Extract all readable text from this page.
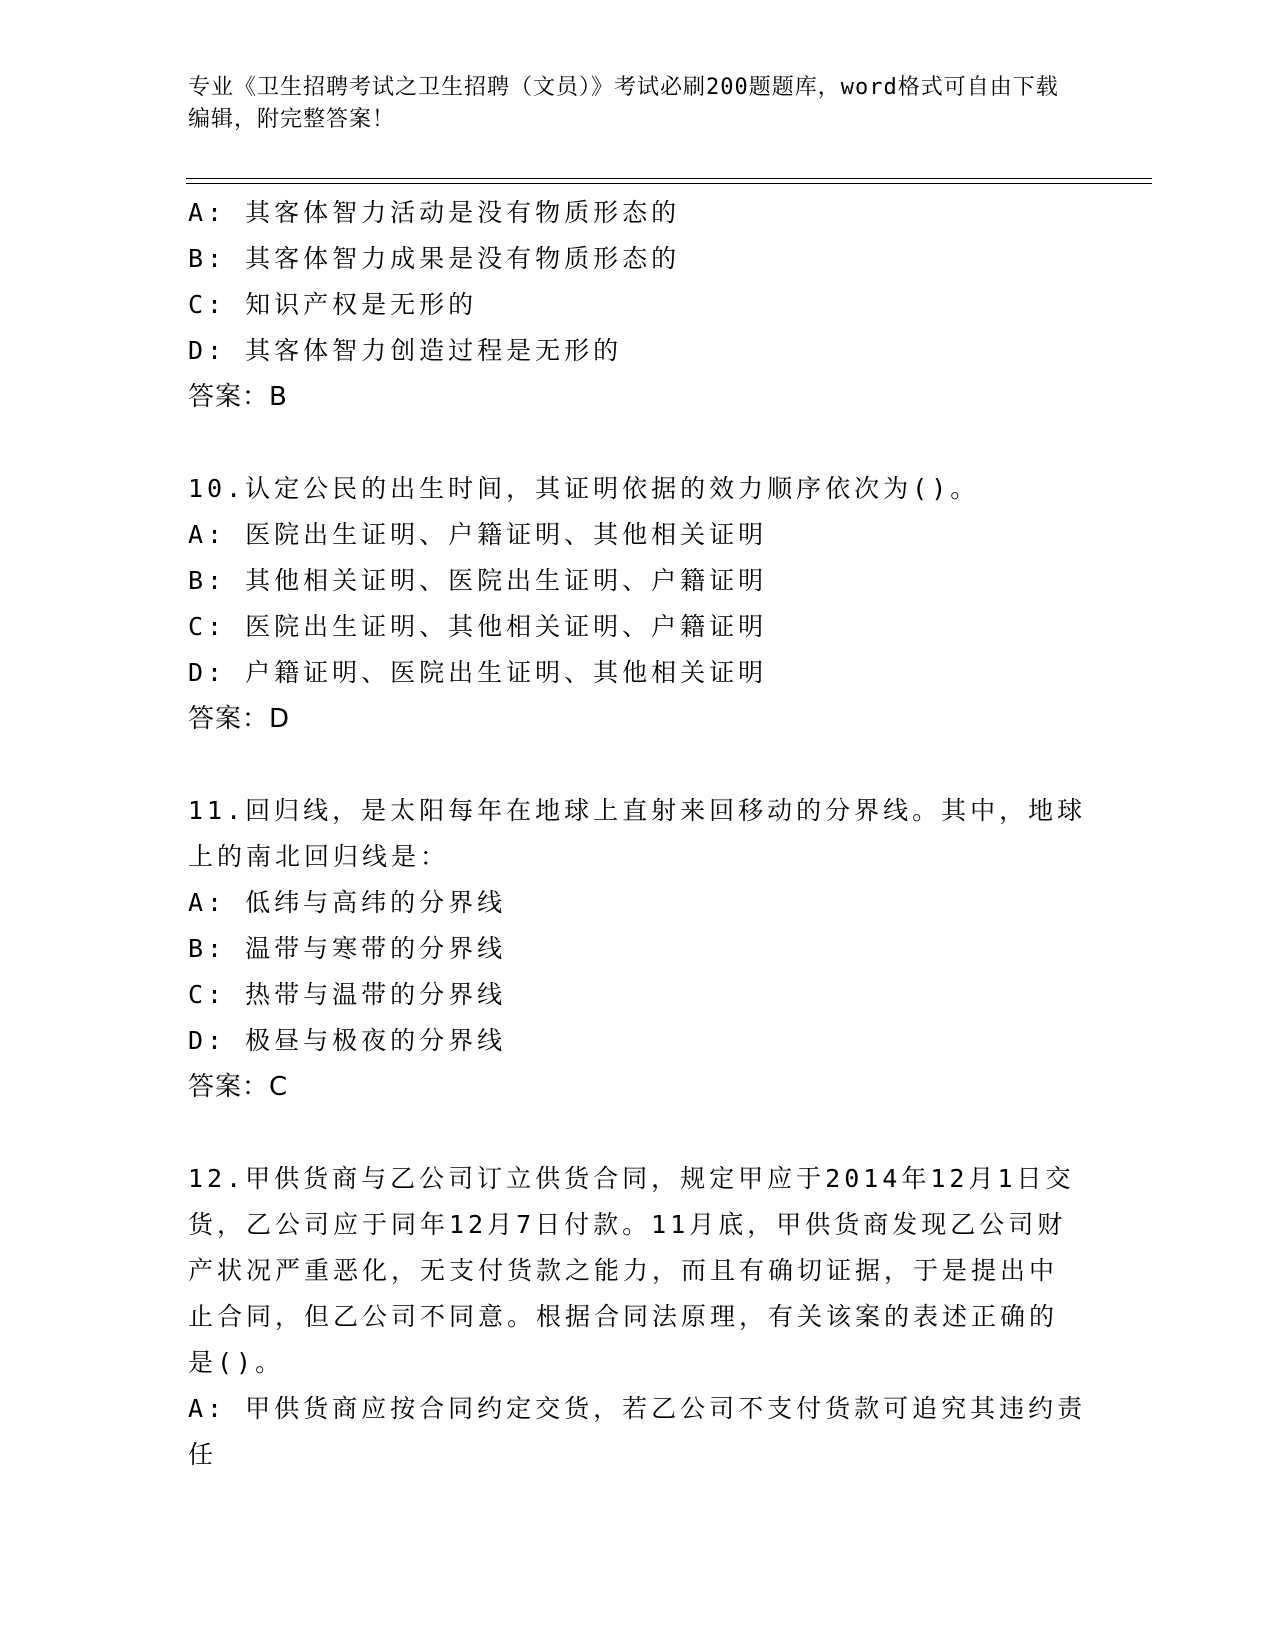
专业《卫生招聘考试之卫生招聘（文员）》考试必刷200题题库，word格式可自由下载编辑，附完整答案！
A: 其客体智力活动是没有物质形态的
B: 其客体智力成果是没有物质形态的
C: 知识产权是无形的
D: 其客体智力创造过程是无形的
答案：B
10.认定公民的出生时间，其证明依据的效力顺序依次为()。
A: 医院出生证明、户籍证明、其他相关证明
B: 其他相关证明、医院出生证明、户籍证明
C: 医院出生证明、其他相关证明、户籍证明
D: 户籍证明、医院出生证明、其他相关证明
答案：D
11.回归线，是太阳每年在地球上直射来回移动的分界线。其中，地球
上的南北回归线是：
A: 低纬与高纬的分界线
B: 温带与寒带的分界线
C: 热带与温带的分界线
D: 极昼与极夜的分界线
答案：C
12.甲供货商与乙公司订立供货合同，规定甲应于2014年12月1日交
货，乙公司应于同年12月7日付款。11月底，甲供货商发现乙公司财
产状况严重恶化，无支付货款之能力，而且有确切证据，于是提出中
止合同，但乙公司不同意。根据合同法原理，有关该案的表述正确的
是()。
A: 甲供货商应按合同约定交货，若乙公司不支付货款可追究其违约责
任
